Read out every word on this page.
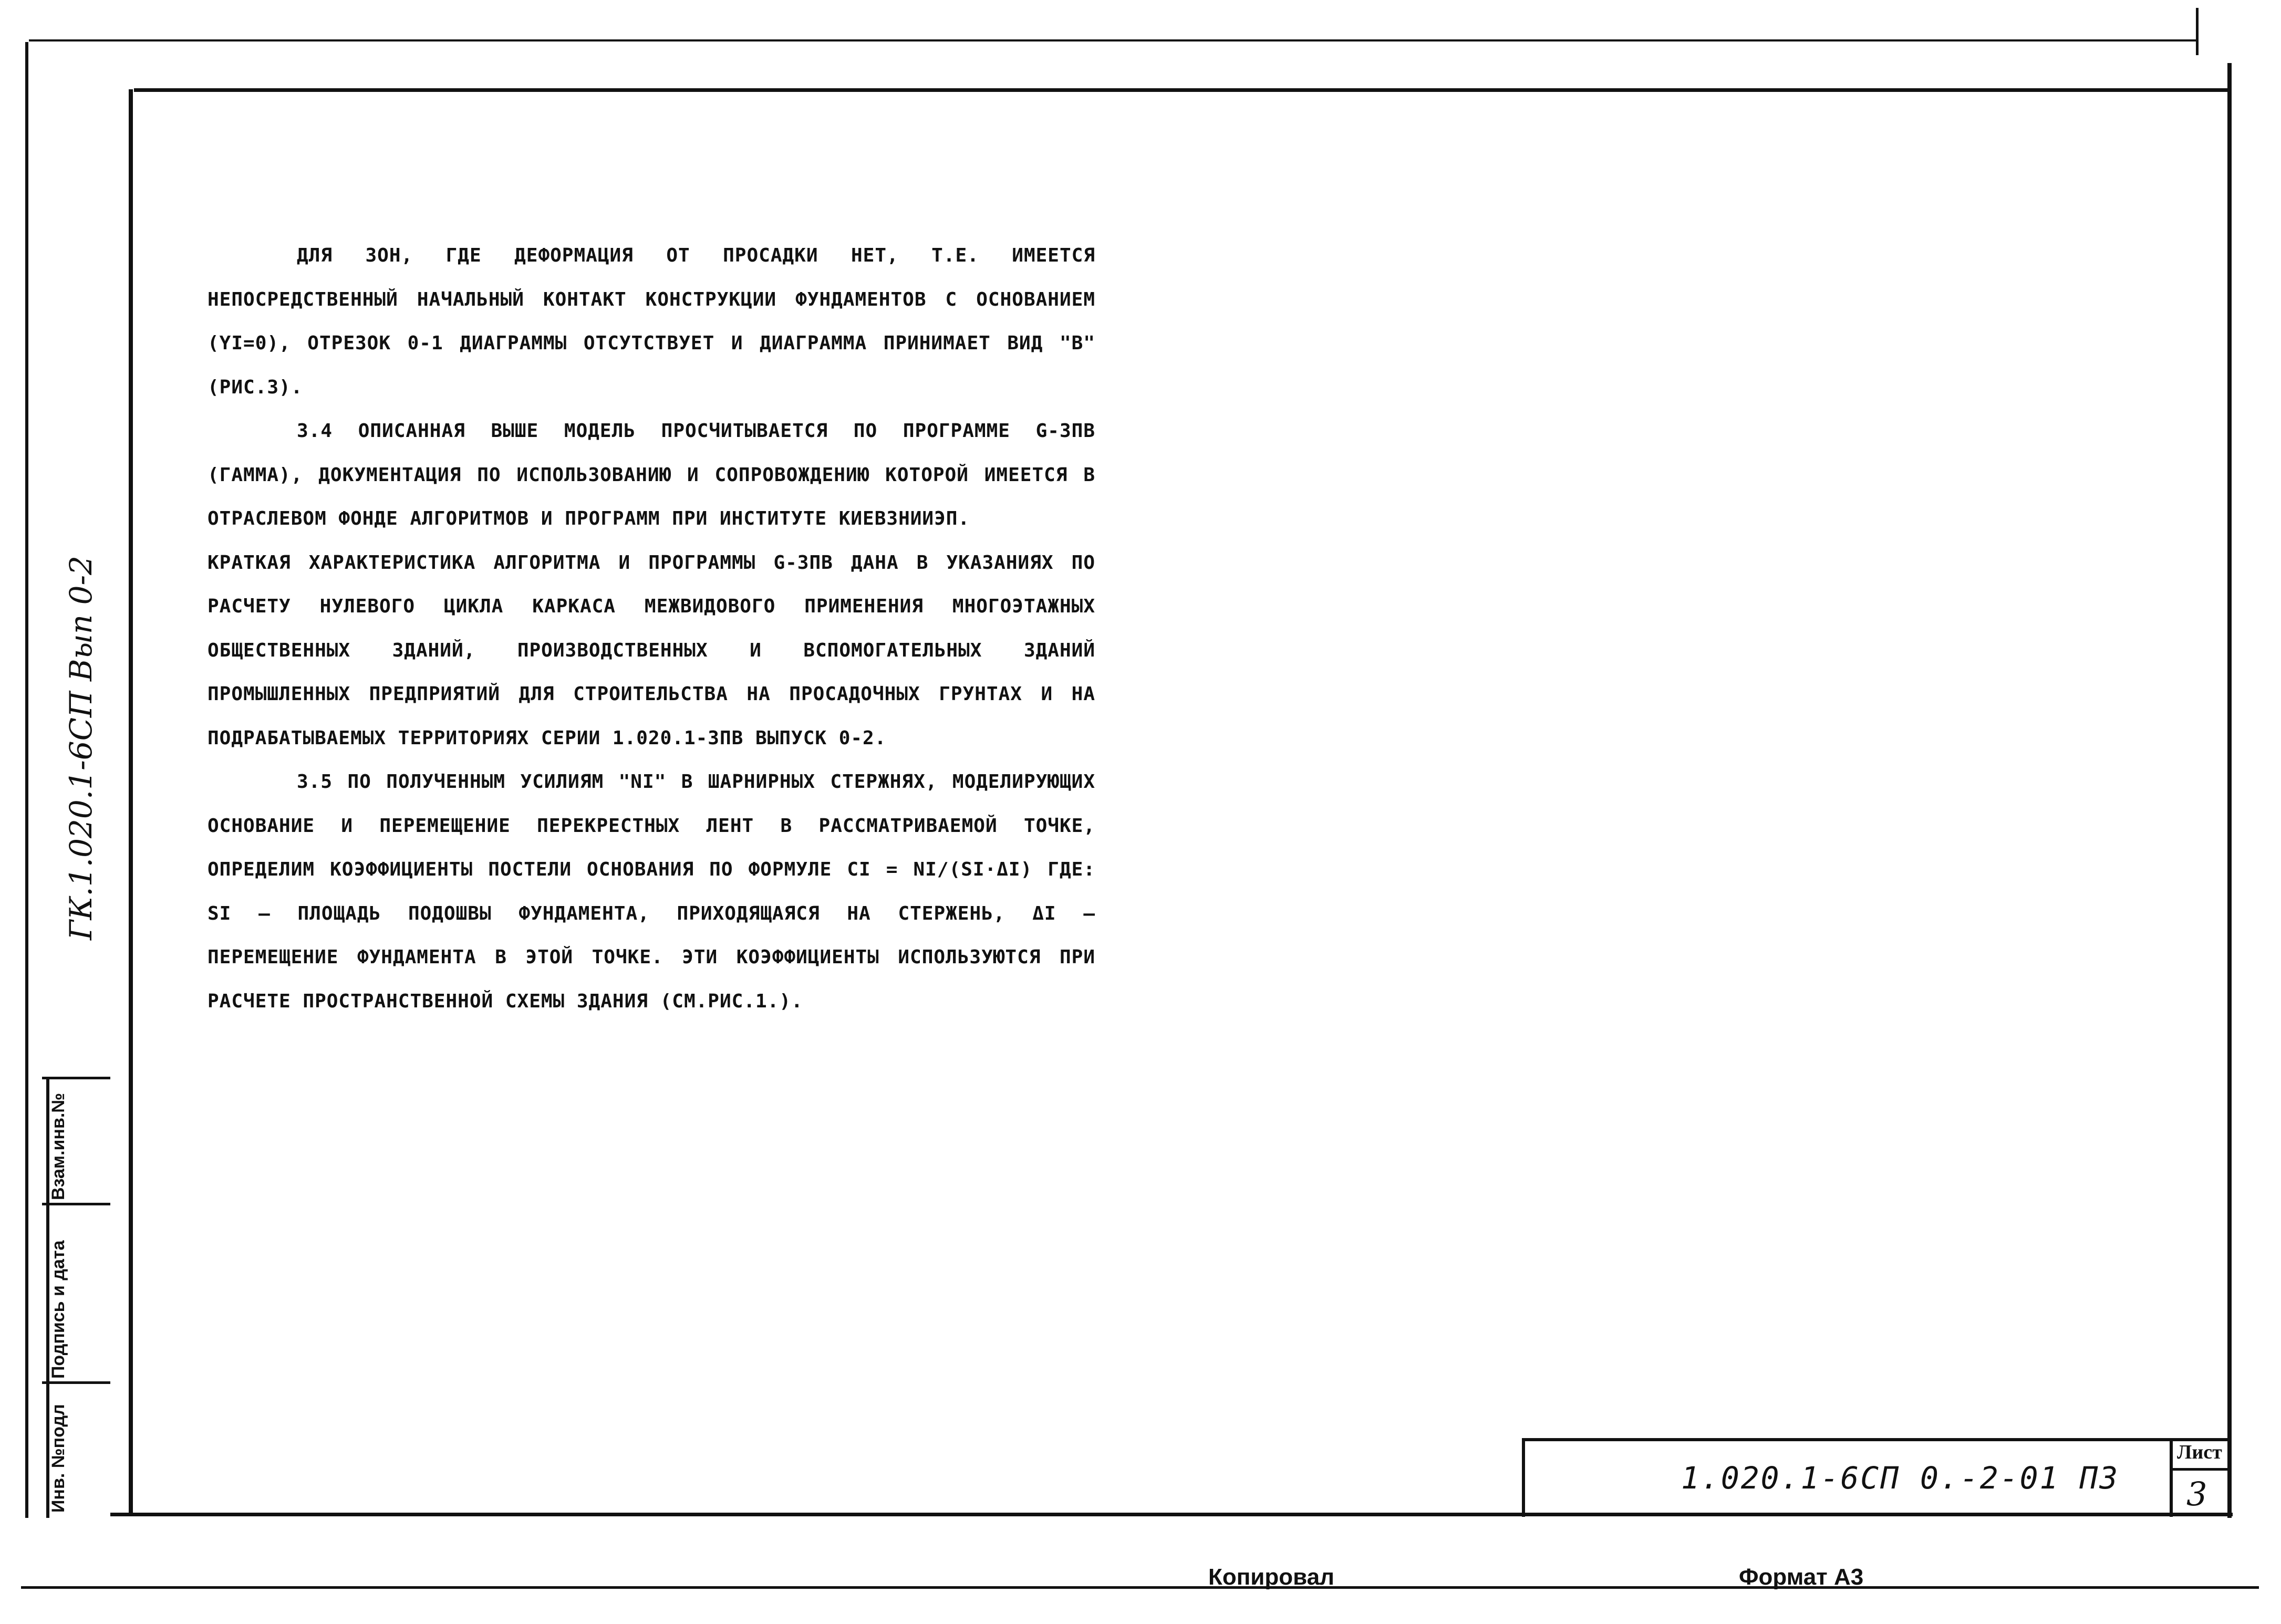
Инв. №подл
Подпись и дата
Взам.инв.№
ГК.1.020.1-6СП Вып 0-2

ДЛЯ ЗОН, ГДЕ ДЕФОРМАЦИЯ ОТ ПРОСАДКИ НЕТ, Т.Е. ИМЕЕТСЯ НЕПОСРЕДСТВЕННЫЙ НАЧАЛЬНЫЙ КОНТАКТ КОНСТРУКЦИИ ФУНДАМЕНТОВ С ОСНОВАНИЕМ (YI=0), ОТРЕЗОК 0-1 ДИАГРАММЫ ОТСУТСТВУЕТ И ДИАГРАММА ПРИНИМАЕТ ВИД "В" (РИС.3).

3.4 ОПИСАННАЯ ВЫШЕ МОДЕЛЬ ПРОСЧИТЫВАЕТСЯ ПО ПРОГРАММЕ G-ЗПВ (ГАММА), ДОКУМЕНТАЦИЯ ПО ИСПОЛЬЗОВАНИЮ И СОПРОВОЖДЕНИЮ КОТОРОЙ ИМЕЕТСЯ В ОТРАСЛЕВОМ ФОНДЕ АЛГОРИТМОВ И ПРОГРАММ ПРИ ИНСТИТУТЕ КИЕВЗНИИЭП.

КРАТКАЯ ХАРАКТЕРИСТИКА АЛГОРИТМА И ПРОГРАММЫ G-ЗПВ ДАНА В УКАЗАНИЯХ ПО РАСЧЕТУ НУЛЕВОГО ЦИКЛА КАРКАСА МЕЖВИДОВОГО ПРИМЕНЕНИЯ МНОГОЭТАЖНЫХ ОБЩЕСТВЕННЫХ ЗДАНИЙ, ПРОИЗВОДСТВЕННЫХ И ВСПОМОГАТЕЛЬНЫХ ЗДАНИЙ ПРОМЫШЛЕННЫХ ПРЕДПРИЯТИЙ ДЛЯ СТРОИТЕЛЬСТВА НА ПРОСАДОЧНЫХ ГРУНТАХ И НА ПОДРАБАТЫВАЕМЫХ ТЕРРИТОРИЯХ СЕРИИ 1.020.1-3ПВ ВЫПУСК 0-2.

3.5 ПО ПОЛУЧЕННЫМ УСИЛИЯМ "NI" В ШАРНИРНЫХ СТЕРЖНЯХ, МОДЕЛИРУЮЩИХ ОСНОВАНИЕ И ПЕРЕМЕЩЕНИЕ ПЕРЕКРЕСТНЫХ ЛЕНТ В РАССМАТРИВАЕМОЙ ТОЧКЕ, ОПРЕДЕЛИМ КОЭФФИЦИЕНТЫ ПОСТЕЛИ ОСНОВАНИЯ ПО ФОРМУЛЕ CI = NI/(SI·ΔI) ГДЕ: SI – ПЛОЩАДЬ ПОДОШВЫ ФУНДАМЕНТА, ПРИХОДЯЩАЯСЯ НА СТЕРЖЕНЬ, ΔI – ПЕРЕМЕЩЕНИЕ ФУНДАМЕНТА В ЭТОЙ ТОЧКЕ. ЭТИ КОЭФФИЦИЕНТЫ ИСПОЛЬЗУЮТСЯ ПРИ РАСЧЕТЕ ПРОСТРАНСТВЕННОЙ СХЕМЫ ЗДАНИЯ (СМ.РИС.1.).

1.020.1-6СП 0.-2-01 ПЗ
Лист
3
Копировал	Формат А3
